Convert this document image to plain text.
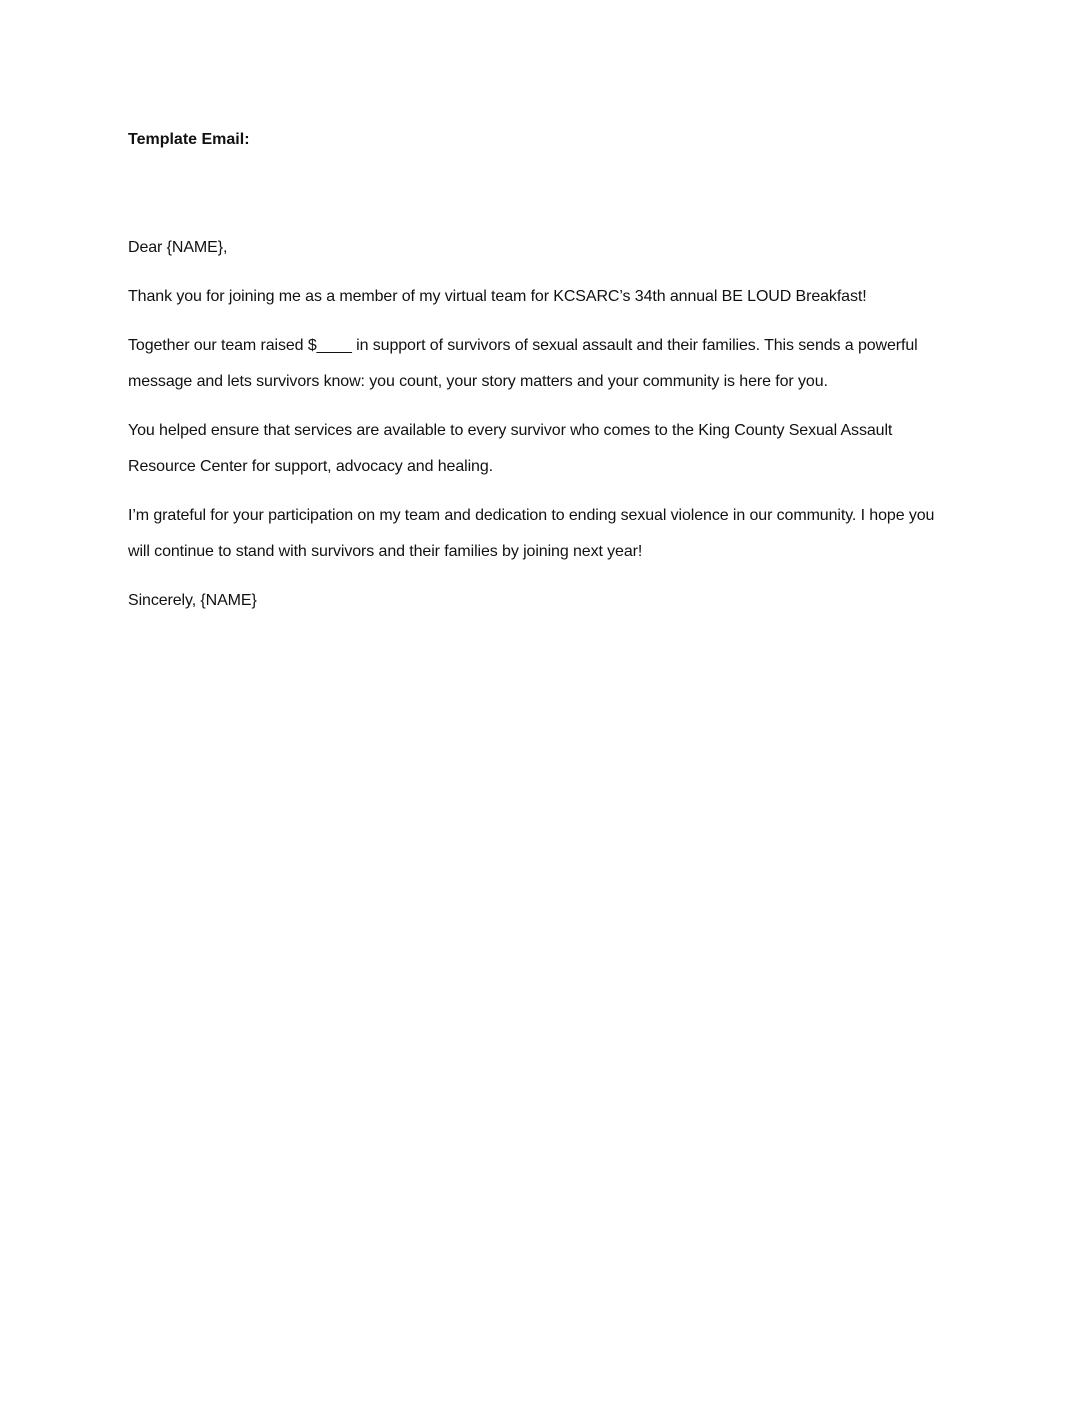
Template Email:

Dear {NAME},

Thank you for joining me as a member of my virtual team for KCSARC’s 34th annual BE LOUD Breakfast!

Together our team raised $____ in support of survivors of sexual assault and their families. This sends a powerful message and lets survivors know: you count, your story matters and your community is here for you.

You helped ensure that services are available to every survivor who comes to the King County Sexual Assault Resource Center for support, advocacy and healing.

I’m grateful for your participation on my team and dedication to ending sexual violence in our community. I hope you will continue to stand with survivors and their families by joining next year!

Sincerely, {NAME}
